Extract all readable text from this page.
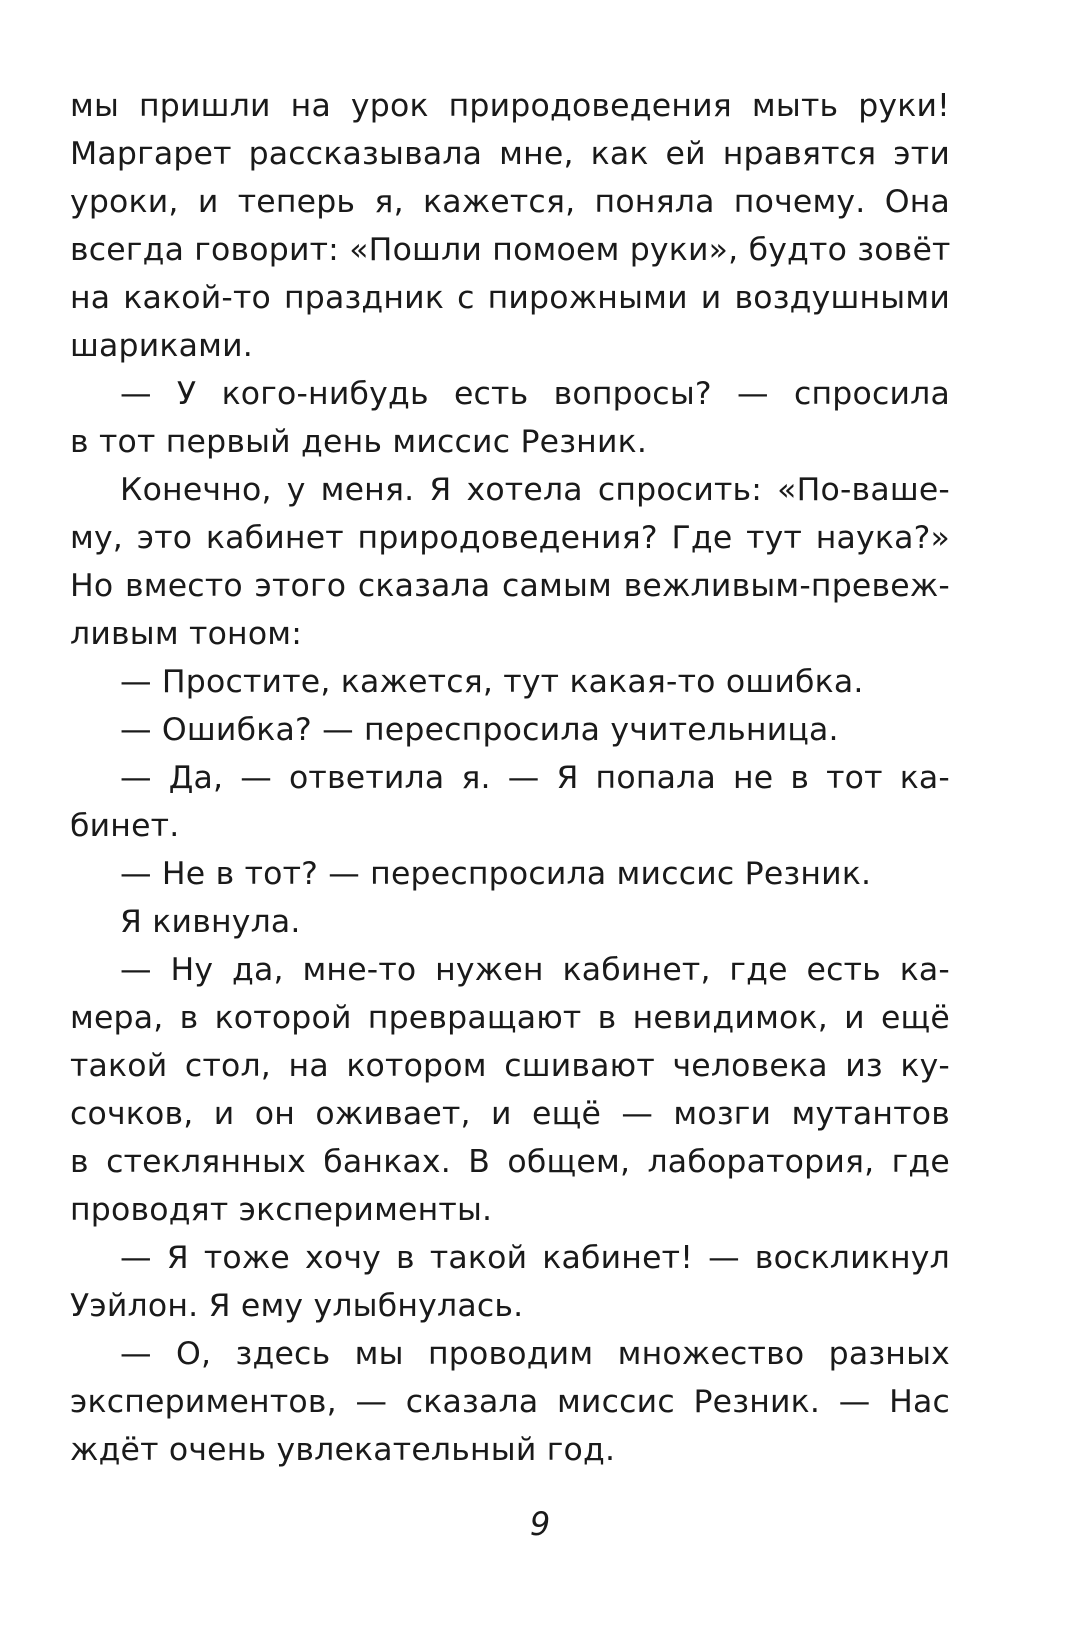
мы пришли на урок природоведения мыть руки!
Маргарет рассказывала мне, как ей нравятся эти
уроки, и теперь я, кажется, поняла почему. Она
всегда говорит: «Пошли помоем руки», будто зовёт
на какой-то праздник с пирожными и воздушными
шариками.
— У кого-нибудь есть вопросы? — спросила
в тот первый день миссис Резник.
Конечно, у меня. Я хотела спросить: «По-ваше-
му, это кабинет природоведения? Где тут наука?»
Но вместо этого сказала самым вежливым-превеж-
ливым тоном:
— Простите, кажется, тут какая-то ошибка.
— Ошибка? — переспросила учительница.
— Да, — ответила я. — Я попала не в тот ка-
бинет.
— Не в тот? — переспросила миссис Резник.
Я кивнула.
— Ну да, мне-то нужен кабинет, где есть ка-
мера, в которой превращают в невидимок, и ещё
такой стол, на котором сшивают человека из ку-
сочков, и он оживает, и ещё — мозги мутантов
в стеклянных банках. В общем, лаборатория, где
проводят эксперименты.
— Я тоже хочу в такой кабинет! — воскликнул
Уэйлон. Я ему улыбнулась.
— О, здесь мы проводим множество разных
экспериментов, — сказала миссис Резник. — Нас
ждёт очень увлекательный год.
9
